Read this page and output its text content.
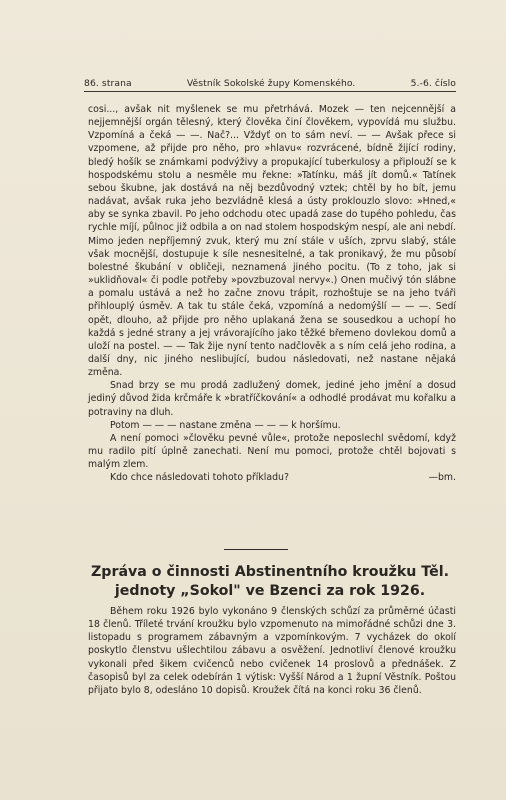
86. strana	Věstník Sokolské župy Komenského.	5.-6. číslo

cosi..., avšak nit myšlenek se mu přetrhává. Mozek — ten nejcennější a nejjemnější orgán tělesný, který člověka činí člověkem, vypovídá mu službu. Vzpomíná a čeká — —. Nač?... Vždyť on to sám neví. — — Avšak přece si vzpomene, až přijde pro něho, pro »hlavu« rozvrácené, bídně žijící rodiny, bledý hošík se známkami podvýživy a propukající tuberkulosy a připlouží se k hospodskému stolu a nesměle mu řekne: »Tatínku, máš jít domů.« Tatínek sebou škubne, jak dostává na něj bezdůvodný vztek; chtěl by ho bít, jemu nadávat, avšak ruka jeho bezvládně klesá a ústy proklouzlo slovo: »Hned,« aby se synka zbavil. Po jeho odchodu otec upadá zase do tupého pohledu, čas rychle míjí, půlnoc již odbila a on nad stolem hospodským nespí, ale ani nebdí. Mimo jeden nepříjemný zvuk, který mu zní stále v uších, zprvu slabý, stále však mocnější, dostupuje k síle nesnesitelné, a tak pronikavý, že mu působí bolestné škubání v obličeji, neznamená jiného pocitu. (To z toho, jak si »uklidňoval« či podle potřeby »povzbuzoval nervy«.) Onen mučivý tón slábne a pomalu ustává a než ho začne znovu trápit, rozhoštuje se na jeho tváři přihlouplý úsměv. A tak tu stále čeká, vzpomíná a nedomýšlí — — —. Sedí opět, dlouho, až přijde pro něho uplakaná žena se sousedkou a uchopí ho každá s jedné strany a jej vrávorajícího jako těžké břemeno dovlekou domů a uloží na postel. — — Tak žije nyní tento nadčlověk a s ním celá jeho rodina, a další dny, nic jiného neslibující, budou následovati, než nastane nějaká změna.

Snad brzy se mu prodá zadlužený domek, jediné jeho jmění a dosud jediný důvod žida krčmáře k »bratříčkování« a odhodlé prodávat mu kořalku a potraviny na dluh.

Potom — — — nastane změna — — — k horšímu.

A není pomoci »člověku pevné vůle«, protože neposlechl svědomí, když mu radilo pití úplně zanechati. Není mu pomoci, protože chtěl bojovati s malým zlem.

Kdo chce následovati tohoto příkladu?	—bm.

Zpráva o činnosti Abstinentního kroužku Těl.
jednoty „Sokol" ve Bzenci za rok 1926.

Během roku 1926 bylo vykonáno 9 členských schůzí za průměrné účasti 18 členů. Tříleté trvání kroužku bylo vzpomenuto na mimořádné schůzi dne 3. listopadu s programem zábavným a vzpomínkovým. 7 vycházek do okolí poskytlo členstvu ušlechtilou zábavu a osvěžení. Jednotliví členové kroužku vykonali před šikem cvičenců nebo cvičenek 14 proslovů a přednášek. Z časopisů byl za celek odebírán 1 výtisk: Vyšší Národ a 1 župní Věstník. Poštou přijato bylo 8, odesláno 10 dopisů. Kroužek čítá na konci roku 36 členů.
